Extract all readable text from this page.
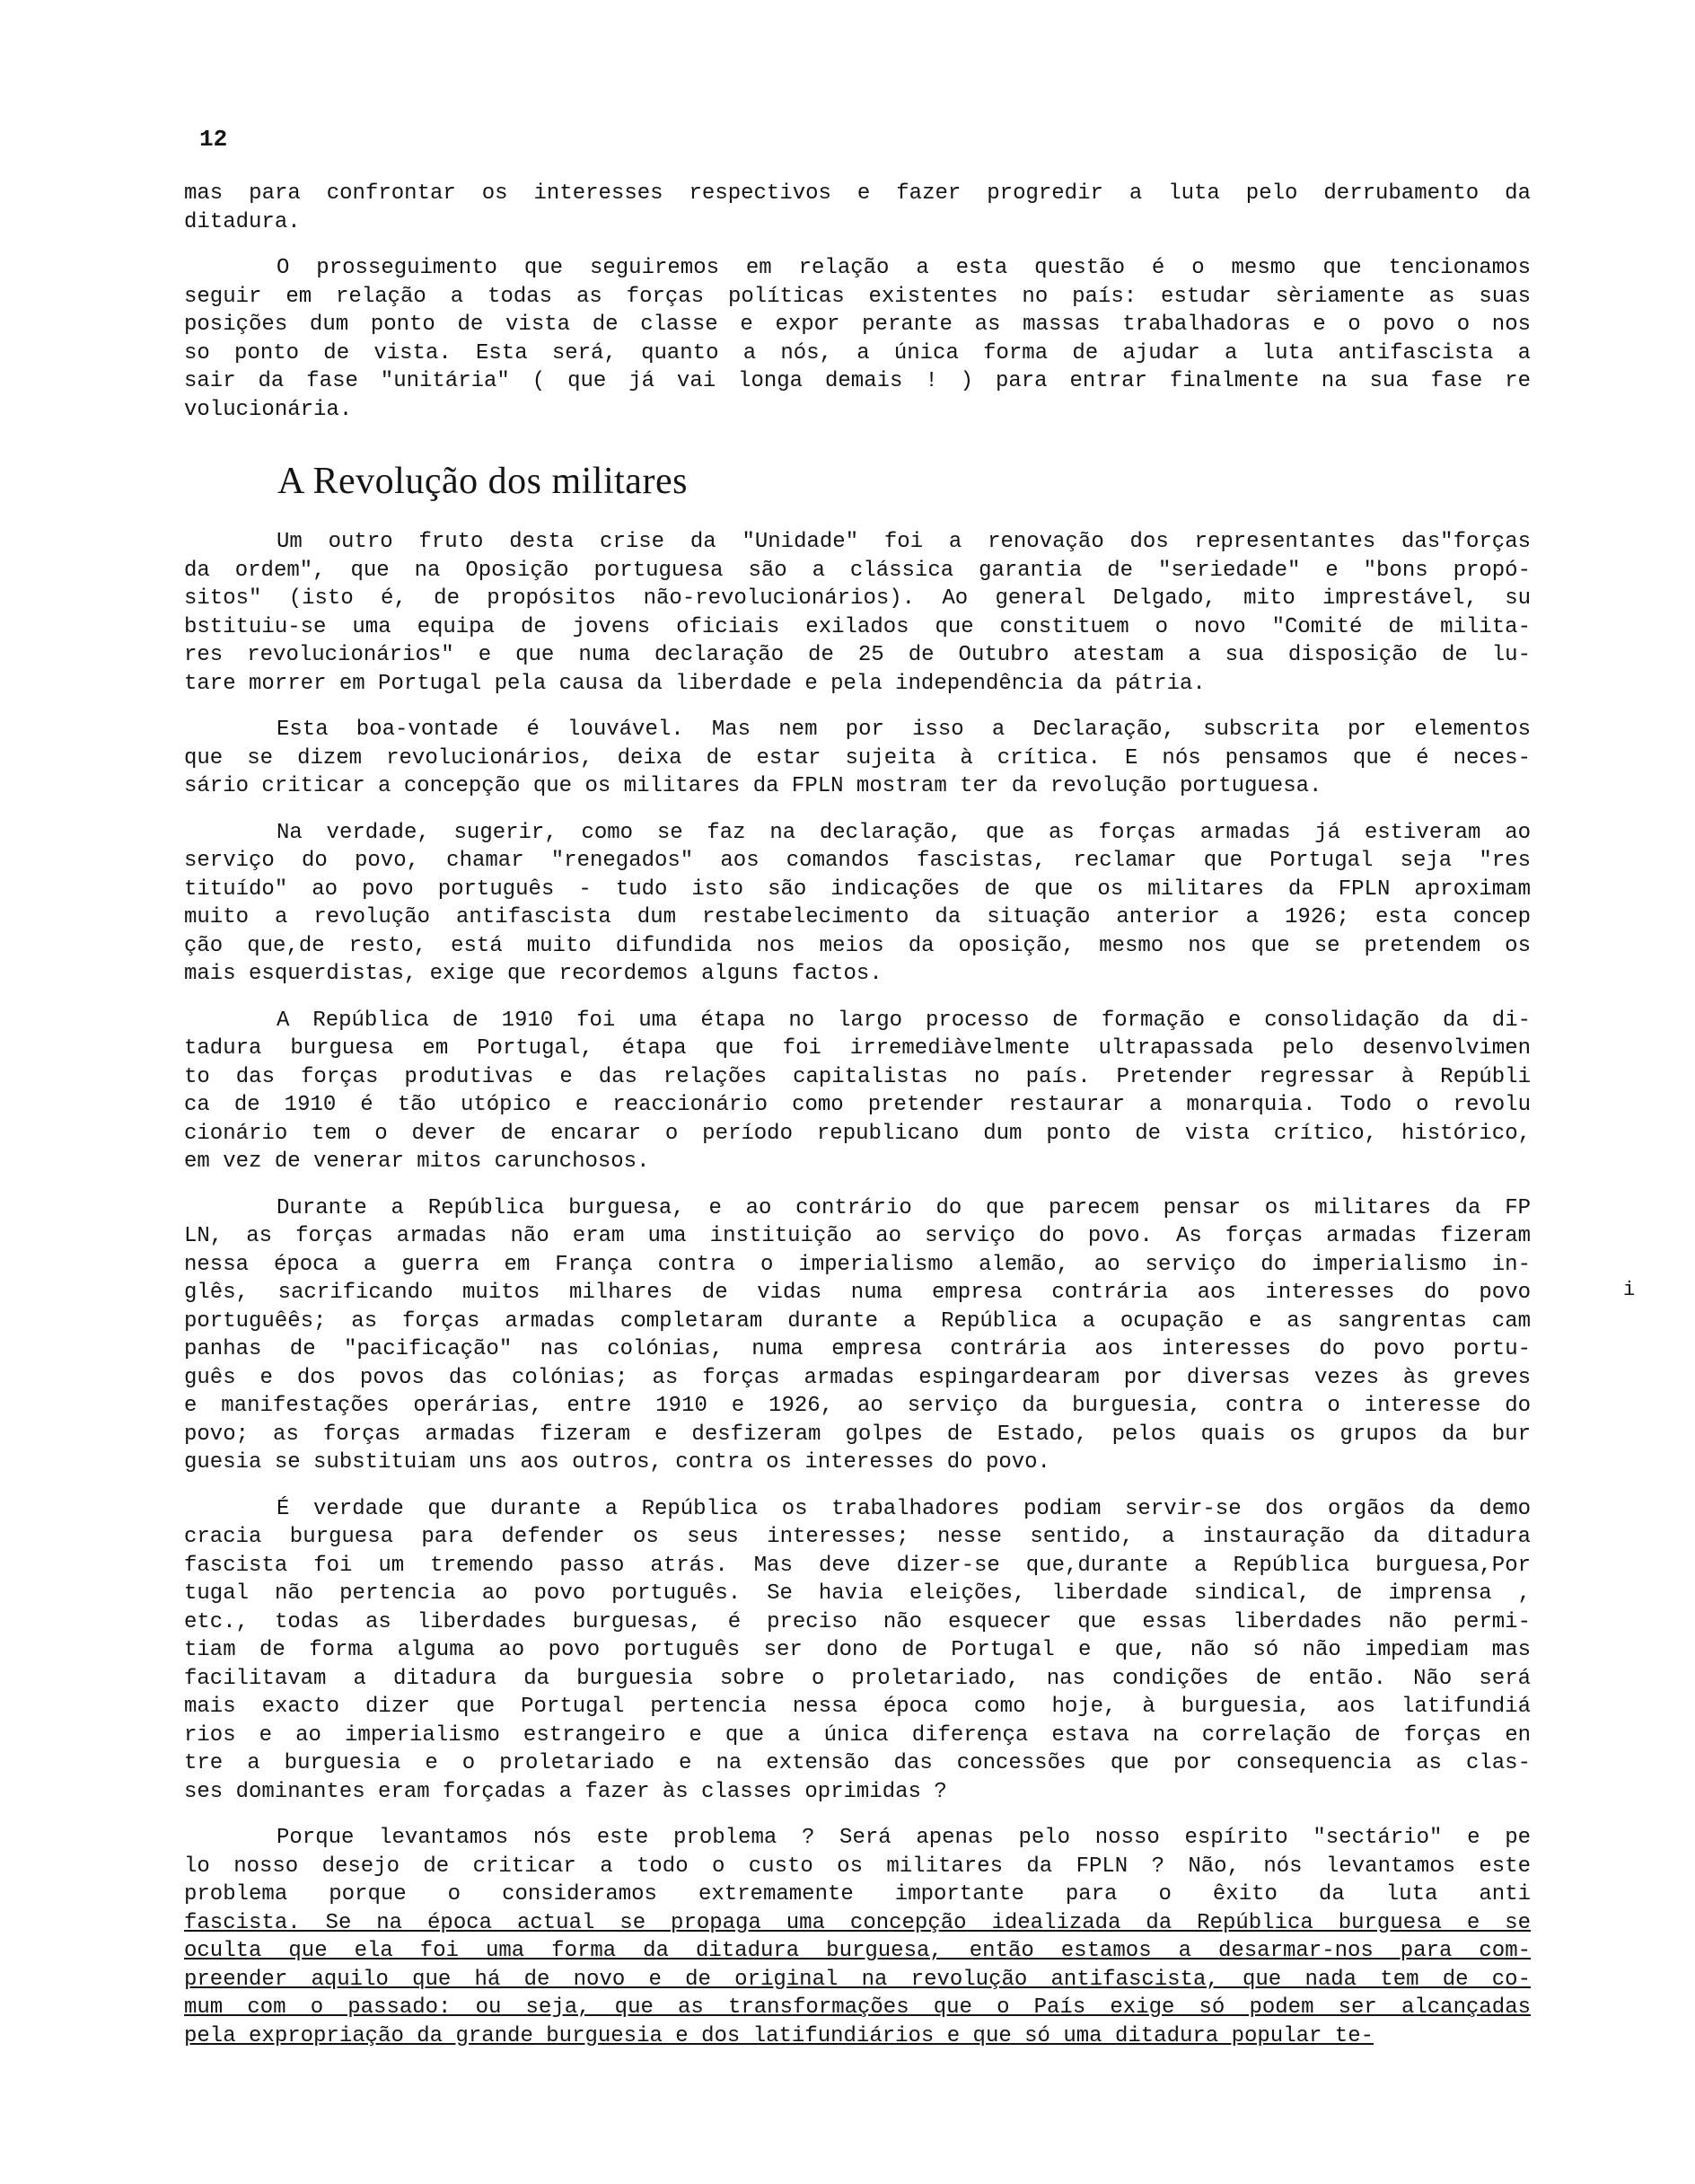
12
mas para confrontar os interesses respectivos e fazer progredir a luta pelo derrubamento da
ditadura.
O prosseguimento que seguiremos em relação a esta questão é o mesmo que tencionamos
seguir em relação a todas as forças políticas existentes no país: estudar sèriamente as suas
posições dum ponto de vista de classe e expor perante as massas trabalhadoras e o povo o nos
so ponto de vista. Esta será, quanto a nós, a única forma de ajudar a luta antifascista a
sair da fase "unitária" ( que já vai longa demais ! ) para entrar finalmente na sua fase re
volucionária.
A Revolução dos militares
Um outro fruto desta crise da "Unidade" foi a renovação dos representantes das"forças
da ordem", que na Oposição portuguesa são a clássica garantia de "seriedade" e "bons propó-
sitos" (isto é, de propósitos não-revolucionários). Ao general Delgado, mito imprestável, su
bstituiu-se uma equipa de jovens oficiais exilados que constituem o novo "Comité de milita-
res revolucionários" e que numa declaração de 25 de Outubro atestam a sua disposição de lu-
tare morrer em Portugal pela causa da liberdade e pela independência da pátria.
Esta boa-vontade é louvável. Mas nem por isso a Declaração, subscrita por elementos
que se dizem revolucionários, deixa de estar sujeita à crítica. E nós pensamos que é neces-
sário criticar a concepção que os militares da FPLN mostram ter da revolução portuguesa.
Na verdade, sugerir, como se faz na declaração, que as forças armadas já estiveram ao
serviço do povo, chamar "renegados" aos comandos fascistas, reclamar que Portugal seja "res
tituído" ao povo português - tudo isto são indicações de que os militares da FPLN aproximam
muito a revolução antifascista dum restabelecimento da situação anterior a 1926; esta concep
ção que,de resto, está muito difundida nos meios da oposição, mesmo nos que se pretendem os
mais esquerdistas, exige que recordemos alguns factos.
A República de 1910 foi uma étapa no largo processo de formação e consolidação da di-
tadura burguesa em Portugal, étapa que foi irremediàvelmente ultrapassada pelo desenvolvimen
to das forças produtivas e das relações capitalistas no país. Pretender regressar à Repúbli
ca de 1910 é tão utópico e reaccionário como pretender restaurar a monarquia. Todo o revolu
cionário tem o dever de encarar o período republicano dum ponto de vista crítico, histórico,
em vez de venerar mitos carunchosos.
Durante a República burguesa, e ao contrário do que parecem pensar os militares da FP
LN, as forças armadas não eram uma instituição ao serviço do povo. As forças armadas fizeram
nessa época a guerra em França contra o imperialismo alemão, ao serviço do imperialismo in-
glês, sacrificando muitos milhares de vidas numa empresa contrária aos interesses do povo
portuguêês; as forças armadas completaram durante a República a ocupação e as sangrentas cam
panhas de "pacificação" nas colónias, numa empresa contrária aos interesses do povo portu-
guês e dos povos das colónias; as forças armadas espingardearam por diversas vezes às greves
e manifestações operárias, entre 1910 e 1926, ao serviço da burguesia, contra o interesse do
povo; as forças armadas fizeram e desfizeram golpes de Estado, pelos quais os grupos da bur
guesia se substituiam uns aos outros, contra os interesses do povo.
É verdade que durante a República os trabalhadores podiam servir-se dos orgãos da demo
cracia burguesa para defender os seus interesses; nesse sentido, a instauração da ditadura
fascista foi um tremendo passo atrás. Mas deve dizer-se que,durante a República burguesa,Por
tugal não pertencia ao povo português. Se havia eleições, liberdade sindical, de imprensa ,
etc., todas as liberdades burguesas, é preciso não esquecer que essas liberdades não permi-
tiam de forma alguma ao povo português ser dono de Portugal e que, não só não impediam mas
facilitavam a ditadura da burguesia sobre o proletariado, nas condições de então. Não será
mais exacto dizer que Portugal pertencia nessa época como hoje, à burguesia, aos latifundiá
rios e ao imperialismo estrangeiro e que a única diferença estava na correlação de forças en
tre a burguesia e o proletariado e na extensão das concessões que por consequencia as clas-
ses dominantes eram forçadas a fazer às classes oprimidas ?
Porque levantamos nós este problema ? Será apenas pelo nosso espírito "sectário" e pe
lo nosso desejo de criticar a todo o custo os militares da FPLN ? Não, nós levantamos este
problema porque o consideramos extremamente importante para o êxito da luta anti
fascista. Se na época actual se propaga uma concepção idealizada da República burguesa e se
oculta que ela foi uma forma da ditadura burguesa, então estamos a desarmar-nos para com-
preender aquilo que há de novo e de original na revolução antifascista, que nada tem de co-
mum com o passado: ou seja, que as transformações que o País exige só podem ser alcançadas
pela expropriação da grande burguesia e dos latifundiários e que só uma ditadura popular te-
i
